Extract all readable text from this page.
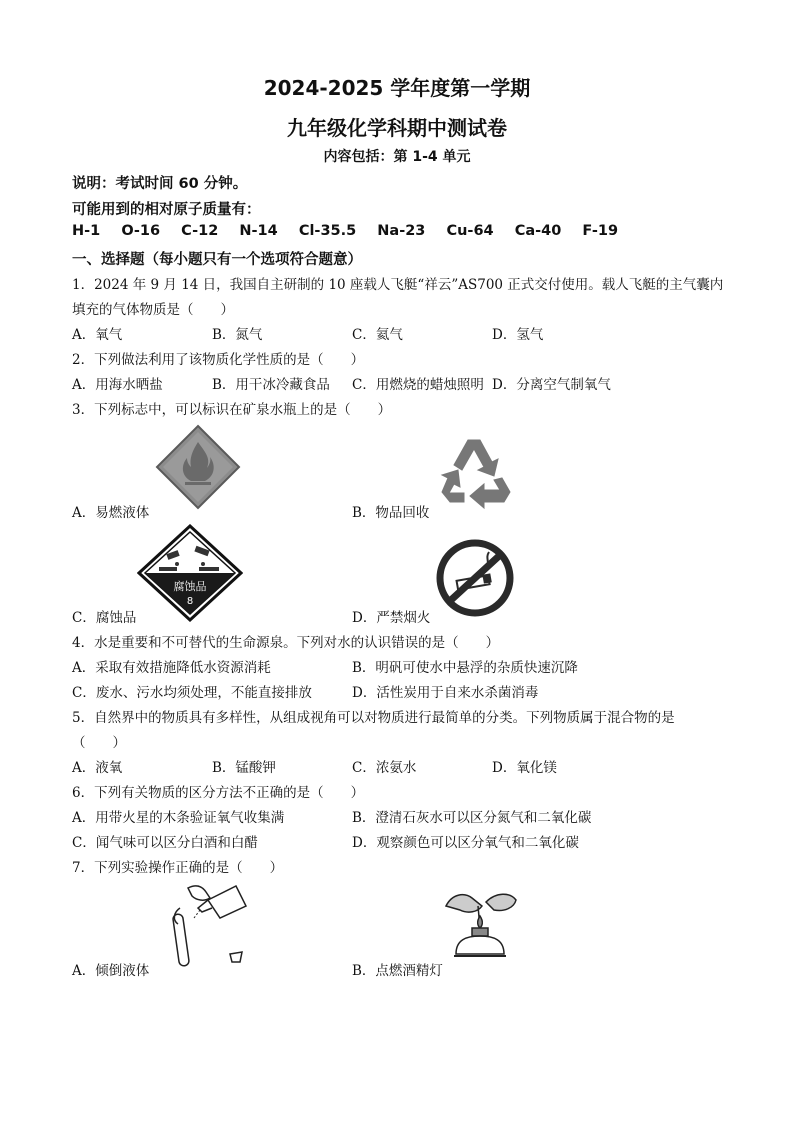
2024-2025 学年度第一学期
九年级化学科期中测试卷
内容包括：第 1-4 单元
说明：考试时间 60 分钟。
可能用到的相对原子质量有：
H-1 O-16 C-12 N-14 Cl-35.5 Na-23 Cu-64 Ca-40 F-19
一、选择题（每小题只有一个选项符合题意）
1．2024 年 9 月 14 日，我国自主研制的 10 座载人飞艇“祥云”AS700 正式交付使用。载人飞艇的主气囊内
填充的气体物质是（　　）
A．氧气	B．氮气	C．氦气	D．氢气
2．下列做法利用了该物质化学性质的是（　　）
A．用海水晒盐	B．用干冰冷藏食品 C．用燃烧的蜡烛照明 D．分离空气制氧气
3．下列标志中，可以标识在矿泉水瓶上的是（　　）
A．易燃液体	B．物品回收
腐蚀品
8
C．腐蚀品	D．严禁烟火
4．水是重要和不可替代的生命源泉。下列对水的认识错误的是（　　）
A．采取有效措施降低水资源消耗	B．明矾可使水中悬浮的杂质快速沉降
C．废水、污水均须处理，不能直接排放	D．活性炭用于自来水杀菌消毒
5．自然界中的物质具有多样性，从组成视角可以对物质进行最简单的分类。下列物质属于混合物的是
（　　）
A．液氧	B．锰酸钾	C．浓氨水	D．氧化镁
6．下列有关物质的区分方法不正确的是（　　）
A．用带火星的木条验证氧气收集满	B．澄清石灰水可以区分氮气和二氧化碳
C．闻气味可以区分白酒和白醋	D．观察颜色可以区分氧气和二氧化碳
7．下列实验操作正确的是（　　）
A．倾倒液体	B．点燃酒精灯
